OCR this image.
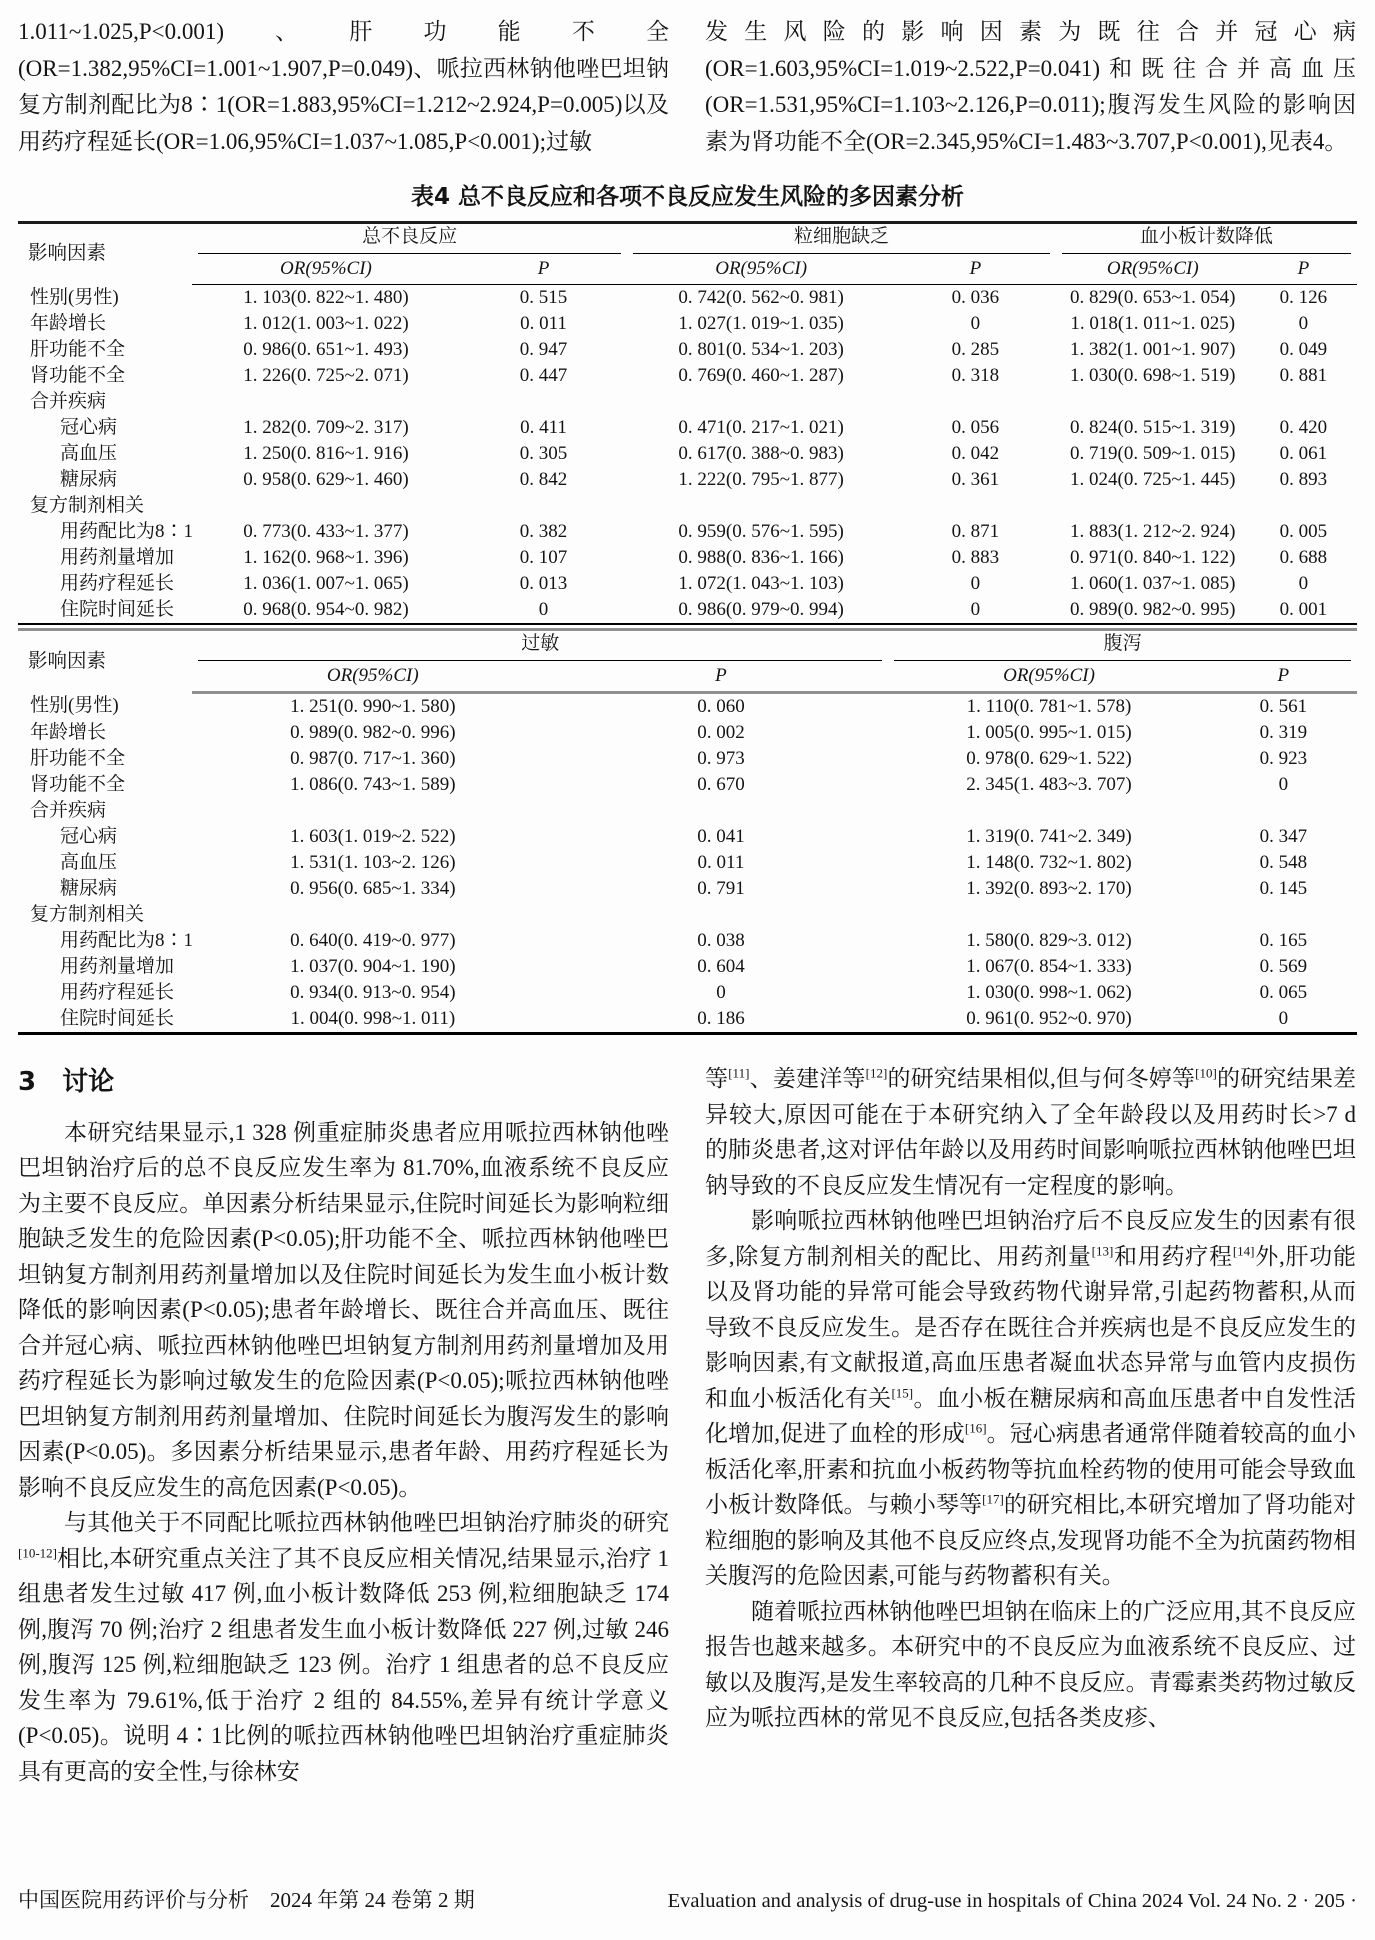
1.011~1.025,P<0.001)、肝功能不全(OR=1.382,95%CI=1.001~1.907,P=0.049)、哌拉西林钠他唑巴坦钠复方制剂配比为8∶1(OR=1.883,95%CI=1.212~2.924,P=0.005)以及用药疗程延长(OR=1.06,95%CI=1.037~1.085,P<0.001);过敏
发生风险的影响因素为既往合并冠心病(OR=1.603,95%CI=1.019~2.522,P=0.041)和既往合并高血压(OR=1.531,95%CI=1.103~2.126,P=0.011);腹泻发生风险的影响因素为肾功能不全(OR=2.345,95%CI=1.483~3.707,P<0.001),见表4。
表4 总不良反应和各项不良反应发生风险的多因素分析
影响因素	总不良反应		粒细胞缺乏		血小板计数降低	

	OR(95%CI)	P	OR(95%CI)	P	OR(95%CI)	P
性别(男性)	1. 103(0. 822~1. 480)	0. 515	0. 742(0. 562~0. 981)	0. 036	0. 829(0. 653~1. 054)	0. 126
年龄增长	1. 012(1. 003~1. 022)	0. 011	1. 027(1. 019~1. 035)	0	1. 018(1. 011~1. 025)	0
肝功能不全	0. 986(0. 651~1. 493)	0. 947	0. 801(0. 534~1. 203)	0. 285	1. 382(1. 001~1. 907)	0. 049
肾功能不全	1. 226(0. 725~2. 071)	0. 447	0. 769(0. 460~1. 287)	0. 318	1. 030(0. 698~1. 519)	0. 881
合并疾病						
冠心病	1. 282(0. 709~2. 317)	0. 411	0. 471(0. 217~1. 021)	0. 056	0. 824(0. 515~1. 319)	0. 420
高血压	1. 250(0. 816~1. 916)	0. 305	0. 617(0. 388~0. 983)	0. 042	0. 719(0. 509~1. 015)	0. 061
糖尿病	0. 958(0. 629~1. 460)	0. 842	1. 222(0. 795~1. 877)	0. 361	1. 024(0. 725~1. 445)	0. 893
复方制剂相关						
用药配比为8∶1	0. 773(0. 433~1. 377)	0. 382	0. 959(0. 576~1. 595)	0. 871	1. 883(1. 212~2. 924)	0. 005
用药剂量增加	1. 162(0. 968~1. 396)	0. 107	0. 988(0. 836~1. 166)	0. 883	0. 971(0. 840~1. 122)	0. 688
用药疗程延长	1. 036(1. 007~1. 065)	0. 013	1. 072(1. 043~1. 103)	0	1. 060(1. 037~1. 085)	0
住院时间延长	0. 968(0. 954~0. 982)	0	0. 986(0. 979~0. 994)	0	0. 989(0. 982~0. 995)	0. 001
影响因素	过敏		腹泻	

	OR(95%CI)	P	OR(95%CI)	P
性别(男性)	1. 251(0. 990~1. 580)	0. 060	1. 110(0. 781~1. 578)	0. 561
年龄增长	0. 989(0. 982~0. 996)	0. 002	1. 005(0. 995~1. 015)	0. 319
肝功能不全	0. 987(0. 717~1. 360)	0. 973	0. 978(0. 629~1. 522)	0. 923
肾功能不全	1. 086(0. 743~1. 589)	0. 670	2. 345(1. 483~3. 707)	0
合并疾病				
冠心病	1. 603(1. 019~2. 522)	0. 041	1. 319(0. 741~2. 349)	0. 347
高血压	1. 531(1. 103~2. 126)	0. 011	1. 148(0. 732~1. 802)	0. 548
糖尿病	0. 956(0. 685~1. 334)	0. 791	1. 392(0. 893~2. 170)	0. 145
复方制剂相关				
用药配比为8∶1	0. 640(0. 419~0. 977)	0. 038	1. 580(0. 829~3. 012)	0. 165
用药剂量增加	1. 037(0. 904~1. 190)	0. 604	1. 067(0. 854~1. 333)	0. 569
用药疗程延长	0. 934(0. 913~0. 954)	0	1. 030(0. 998~1. 062)	0. 065
住院时间延长	1. 004(0. 998~1. 011)	0. 186	0. 961(0. 952~0. 970)	0
3 讨论

本研究结果显示,1 328 例重症肺炎患者应用哌拉西林钠他唑巴坦钠治疗后的总不良反应发生率为 81.70%,血液系统不良反应为主要不良反应。单因素分析结果显示,住院时间延长为影响粒细胞缺乏发生的危险因素(P<0.05);肝功能不全、哌拉西林钠他唑巴坦钠复方制剂用药剂量增加以及住院时间延长为发生血小板计数降低的影响因素(P<0.05);患者年龄增长、既往合并高血压、既往合并冠心病、哌拉西林钠他唑巴坦钠复方制剂用药剂量增加及用药疗程延长为影响过敏发生的危险因素(P<0.05);哌拉西林钠他唑巴坦钠复方制剂用药剂量增加、住院时间延长为腹泻发生的影响因素(P<0.05)。多因素分析结果显示,患者年龄、用药疗程延长为影响不良反应发生的高危因素(P<0.05)。

与其他关于不同配比哌拉西林钠他唑巴坦钠治疗肺炎的研究[10-12]相比,本研究重点关注了其不良反应相关情况,结果显示,治疗 1 组患者发生过敏 417 例,血小板计数降低 253 例,粒细胞缺乏 174 例,腹泻 70 例;治疗 2 组患者发生血小板计数降低 227 例,过敏 246 例,腹泻 125 例,粒细胞缺乏 123 例。治疗 1 组患者的总不良反应发生率为 79.61%,低于治疗 2 组的 84.55%,差异有统计学意义(P<0.05)。说明 4∶1比例的哌拉西林钠他唑巴坦钠治疗重症肺炎具有更高的安全性,与徐林安

等[11]、姜建洋等[12]的研究结果相似,但与何冬婷等[10]的研究结果差异较大,原因可能在于本研究纳入了全年龄段以及用药时长>7 d 的肺炎患者,这对评估年龄以及用药时间影响哌拉西林钠他唑巴坦钠导致的不良反应发生情况有一定程度的影响。

影响哌拉西林钠他唑巴坦钠治疗后不良反应发生的因素有很多,除复方制剂相关的配比、用药剂量[13]和用药疗程[14]外,肝功能以及肾功能的异常可能会导致药物代谢异常,引起药物蓄积,从而导致不良反应发生。是否存在既往合并疾病也是不良反应发生的影响因素,有文献报道,高血压患者凝血状态异常与血管内皮损伤和血小板活化有关[15]。血小板在糖尿病和高血压患者中自发性活化增加,促进了血栓的形成[16]。冠心病患者通常伴随着较高的血小板活化率,肝素和抗血小板药物等抗血栓药物的使用可能会导致血小板计数降低。与赖小琴等[17]的研究相比,本研究增加了肾功能对粒细胞的影响及其他不良反应终点,发现肾功能不全为抗菌药物相关腹泻的危险因素,可能与药物蓄积有关。

随着哌拉西林钠他唑巴坦钠在临床上的广泛应用,其不良反应报告也越来越多。本研究中的不良反应为血液系统不良反应、过敏以及腹泻,是发生率较高的几种不良反应。青霉素类药物过敏反应为哌拉西林的常见不良反应,包括各类皮疹、

中国医院用药评价与分析　2024 年第 24 卷第 2 期	Evaluation and analysis of drug-use in hospitals of China 2024 Vol. 24 No. 2 · 205 ·
